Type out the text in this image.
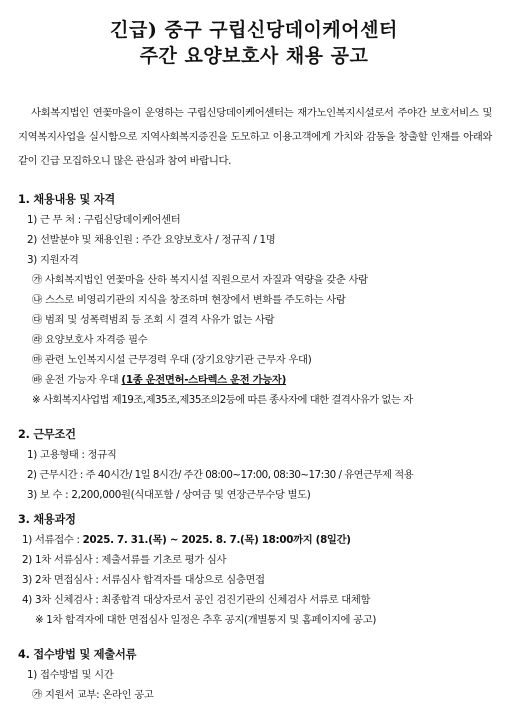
긴급) 중구 구립신당데이케어센터
주간 요양보호사 채용 공고

사회복지법인 연꽃마을이 운영하는 구립신당데이케어센터는 재가노인복지시설로서 주야간 보호서비스 및 지역복지사업을 실시함으로 지역사회복지증진을 도모하고 이용고객에게 가치와 감동을 창출할 인재를 아래와 같이 긴급 모집하오니 많은 관심과 참여 바랍니다.

1. 채용내용 및 자격
1) 근 무 처 : 구립신당데이케어센터
2) 선발분야 및 채용인원 : 주간 요양보호사 / 정규직 / 1명
3) 지원자격
㉮ 사회복지법인 연꽃마을 산하 복지시설 직원으로서 자질과 역량을 갖춘 사람
㉯ 스스로 비영리기관의 지식을 창조하며 현장에서 변화를 주도하는 사람
㉰ 범죄 및 성폭력범죄 등 조회 시 결격 사유가 없는 사람
㉱ 요양보호사 자격증 필수
㉲ 관련 노인복지시설 근무경력 우대 (장기요양기관 근무자 우대)
㉳ 운전 가능자 우대 (1종 운전면허-스타렉스 운전 가능자)
※ 사회복지사업법 제19조,제35조,제35조의2등에 따른 종사자에 대한 결격사유가 없는 자
2. 근무조건
1) 고용형태 : 정규직
2) 근무시간 : 주 40시간/ 1일 8시간/ 주간 08:00~17:00, 08:30~17:30 / 유연근무제 적용
3) 보 수 : 2,200,000원(식대포함 / 상여금 및 연장근무수당 별도)
3. 채용과정
1) 서류접수 : 2025. 7. 31.(목) ~ 2025. 8. 7.(목) 18:00까지 (8일간)
2) 1차 서류심사 : 제출서류를 기초로 평가 심사
3) 2차 면접심사 : 서류심사 합격자를 대상으로 심층면접
4) 3차 신체검사 : 최종합격 대상자로서 공인 검진기관의 신체검사 서류로 대체함
※ 1차 합격자에 대한 면접심사 일정은 추후 공지(개별통지 및 홈페이지에 공고)
4. 접수방법 및 제출서류
1) 접수방법 및 시간
㉮ 지원서 교부: 온라인 공고
